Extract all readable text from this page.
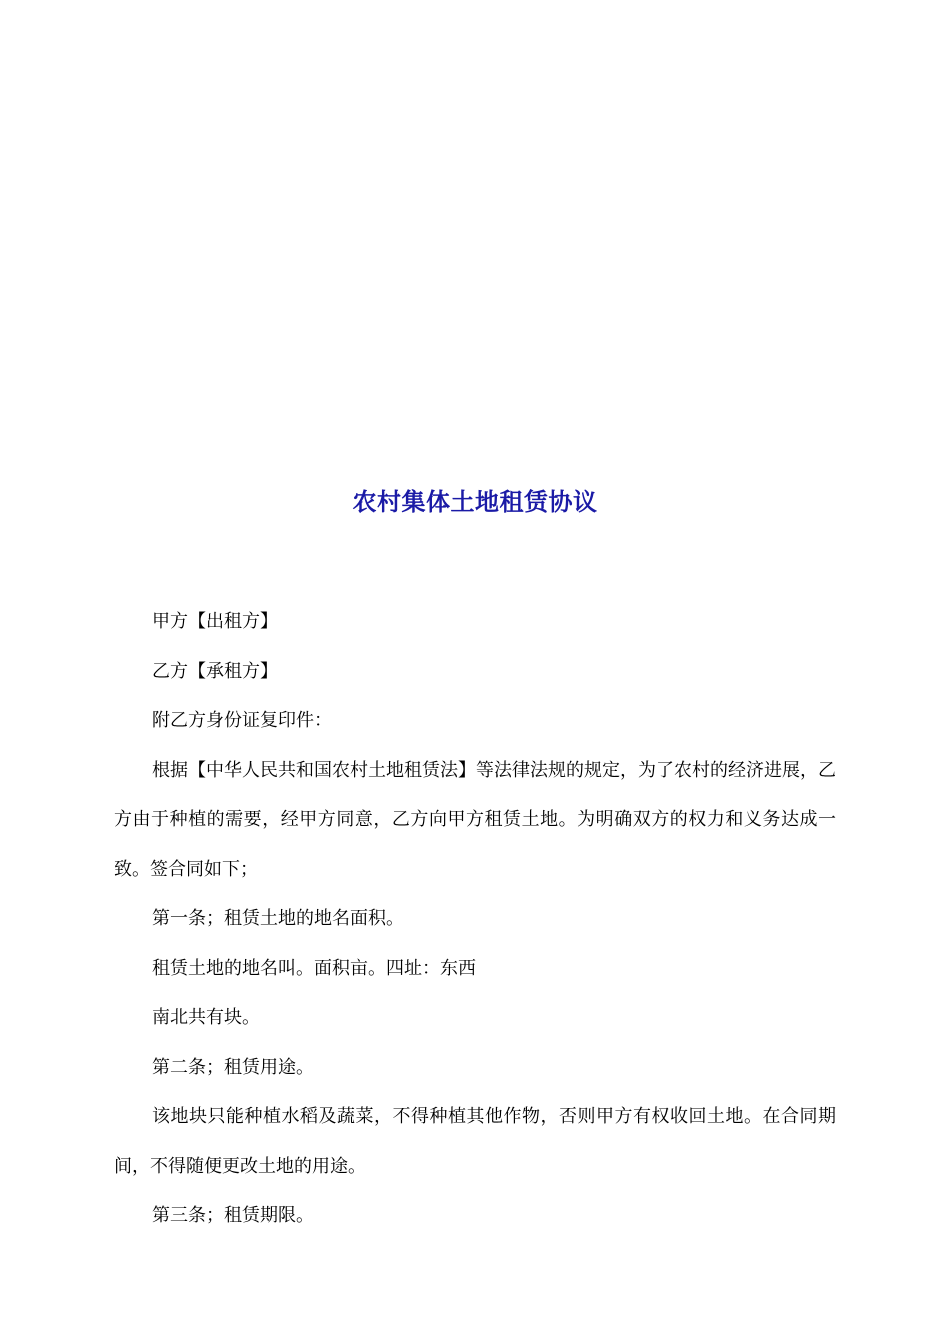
农村集体土地租赁协议

甲方【出租方】

乙方【承租方】

附乙方身份证复印件：

根据【中华人民共和国农村土地租赁法】等法律法规的规定，为了农村的经济进展，乙方由于种植的需要，经甲方同意，乙方向甲方租赁土地。为明确双方的权力和义务达成一致。签合同如下；

第一条；租赁土地的地名面积。

租赁土地的地名叫。面积亩。四址：东西

南北共有块。

第二条；租赁用途。

该地块只能种植水稻及蔬菜，不得种植其他作物，否则甲方有权收回土地。在合同期间，不得随便更改土地的用途。

第三条；租赁期限。
